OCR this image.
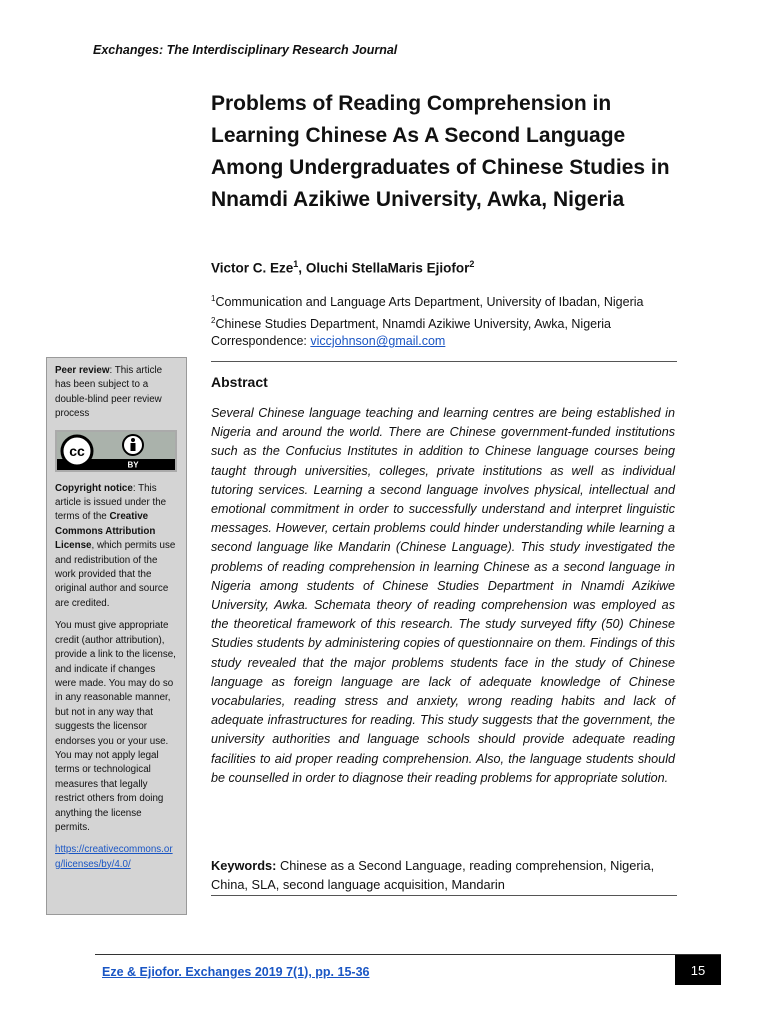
Exchanges: The Interdisciplinary Research Journal
Problems of Reading Comprehension in Learning Chinese As A Second Language Among Undergraduates of Chinese Studies in Nnamdi Azikiwe University, Awka, Nigeria
Victor C. Eze$^1$, Oluchi StellaMaris Ejiofor$^2$
$^1$Communication and Language Arts Department, University of Ibadan, Nigeria
$^2$Chinese Studies Department, Nnamdi Azikiwe University, Awka, Nigeria
Correspondence: viccjohnson@gmail.com
Abstract

Several Chinese language teaching and learning centres are being established in Nigeria and around the world. There are Chinese government-funded institutions such as the Confucius Institutes in addition to Chinese language courses being taught through universities, colleges, private institutions as well as individual tutoring services. Learning a second language involves physical, intellectual and emotional commitment in order to successfully understand and interpret linguistic messages. However, certain problems could hinder understanding while learning a second language like Mandarin (Chinese Language). This study investigated the problems of reading comprehension in learning Chinese as a second language in Nigeria among students of Chinese Studies Department in Nnamdi Azikiwe University, Awka. Schemata theory of reading comprehension was employed as the theoretical framework of this research. The study surveyed fifty (50) Chinese Studies students by administering copies of questionnaire on them. Findings of this study revealed that the major problems students face in the study of Chinese language as foreign language are lack of adequate knowledge of Chinese vocabularies, reading stress and anxiety, wrong reading habits and lack of adequate infrastructures for reading. This study suggests that the government, the university authorities and language schools should provide adequate reading facilities to aid proper reading comprehension. Also, the language students should be counselled in order to diagnose their reading problems for appropriate solution.

Keywords: Chinese as a Second Language, reading comprehension, Nigeria, China, SLA, second language acquisition, Mandarin

Peer review: This article has been subject to a double-blind peer review process

cc
BY

Copyright notice: This article is issued under the terms of the Creative Commons Attribution License, which permits use and redistribution of the work provided that the original author and source are credited.

You must give appropriate credit (author attribution), provide a link to the license, and indicate if changes were made. You may do so in any reasonable manner, but not in any way that suggests the licensor endorses you or your use. You may not apply legal terms or technological measures that legally restrict others from doing anything the license permits.

https://creativecommons.org/licenses/by/4.0/

Eze & Ejiofor. Exchanges 2019 7(1), pp. 15-36	15
